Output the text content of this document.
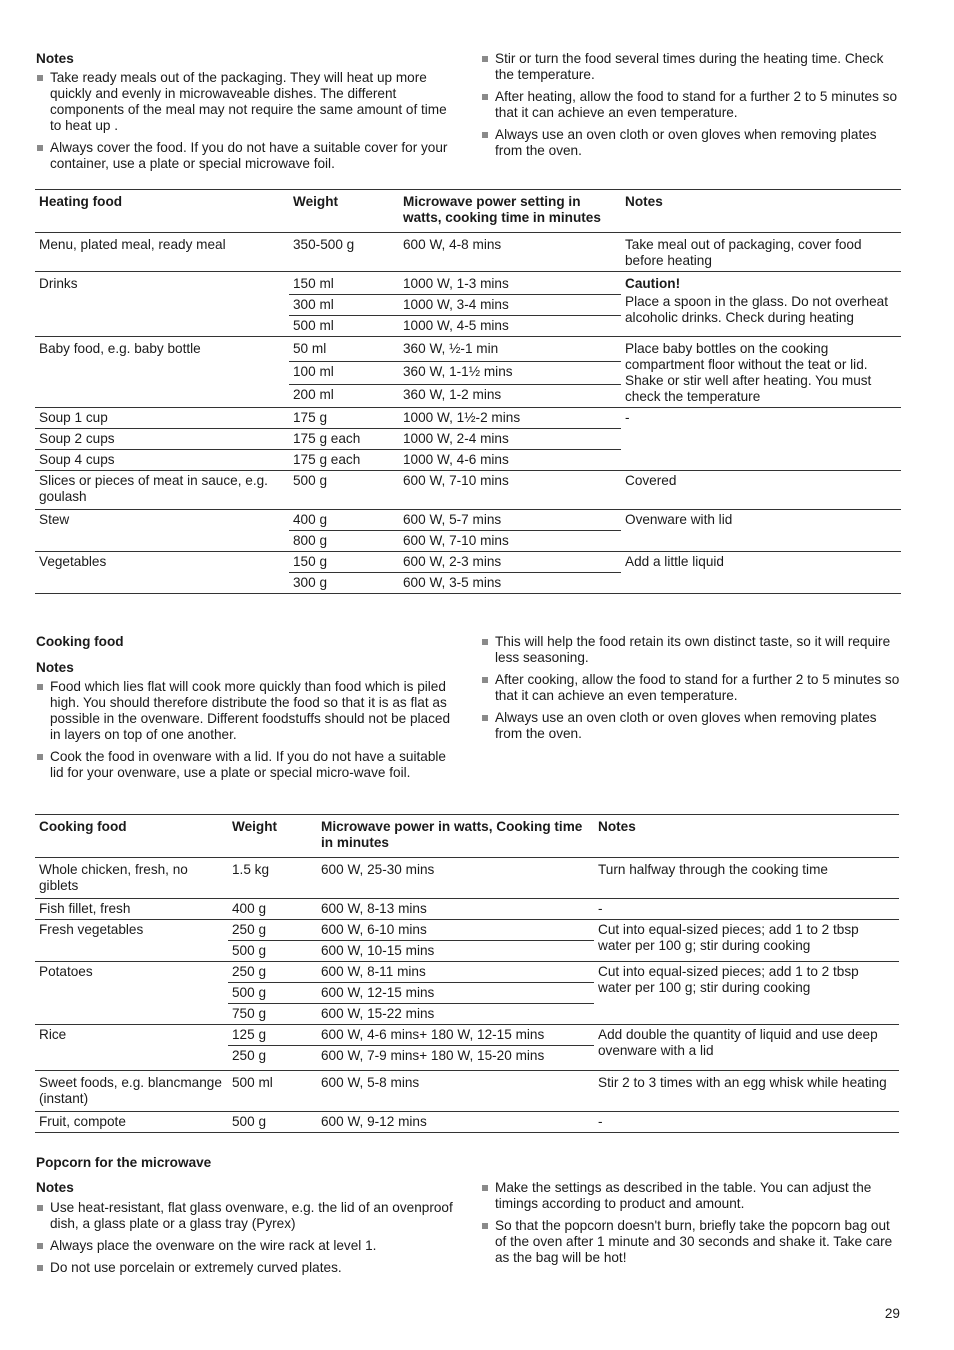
Notes
Take ready meals out of the packaging. They will heat up more quickly and evenly in microwaveable dishes. The different components of the meal may not require the same amount of time to heat up .
Always cover the food. If you do not have a suitable cover for your container, use a plate or special microwave foil.
Stir or turn the food several times during the heating time. Check the temperature.
After heating, allow the food to stand for a further 2 to 5 minutes so that it can achieve an even temperature.
Always use an oven cloth or oven gloves when removing plates from the oven.
Heating food	Weight	Microwave power setting in watts, cooking time in minutes	Notes
Menu, plated meal, ready meal	350-500 g	600 W, 4-8 mins	Take meal out of packaging, cover food before heating
Drinks	150 ml	1000 W, 1-3 mins	Caution!
Place a spoon in the glass. Do not overheat alcoholic drinks. Check during heating

	300 ml	1000 W, 3-4 mins	
	500 ml	1000 W, 4-5 mins	
Baby food, e.g. baby bottle	50 ml	360 W, ½-1 min	Place baby bottles on the cooking compartment floor without the teat or lid. Shake or stir well after heating. You must check the temperature
	100 ml	360 W, 1-1½ mins	
	200 ml	360 W, 1-2 mins	
Soup 1 cup	175 g	1000 W, 1½-2 mins	-
Soup 2 cups	175 g each	1000 W, 2-4 mins	
Soup 4 cups	175 g each	1000 W, 4-6 mins	
Slices or pieces of meat in sauce, e.g. goulash	500 g	600 W, 7-10 mins	Covered
Stew	400 g	600 W, 5-7 mins	Ovenware with lid
	800 g	600 W, 7-10 mins	
Vegetables	150 g	600 W, 2-3 mins	Add a little liquid
	300 g	600 W, 3-5 mins	
Cooking food
Notes
Food which lies flat will cook more quickly than food which is piled high. You should therefore distribute the food so that it is as flat as possible in the ovenware. Different foodstuffs should not be placed in layers on top of one another.
Cook the food in ovenware with a lid. If you do not have a suitable lid for your ovenware, use a plate or special micro-wave foil.
This will help the food retain its own distinct taste, so it will require less seasoning.
After cooking, allow the food to stand for a further 2 to 5 minutes so that it can achieve an even temperature.
Always use an oven cloth or oven gloves when removing plates from the oven.
Cooking food	Weight	Microwave power in watts, Cooking time in minutes	Notes
Whole chicken, fresh, no giblets	1.5 kg	600 W, 25-30 mins	Turn halfway through the cooking time
Fish fillet, fresh	400 g	600 W, 8-13 mins	-
Fresh vegetables	250 g	600 W, 6-10 mins	Cut into equal-sized pieces; add 1 to 2 tbsp water per 100 g; stir during cooking
	500 g	600 W, 10-15 mins	
Potatoes	250 g	600 W, 8-11 mins	Cut into equal-sized pieces; add 1 to 2 tbsp water per 100 g; stir during cooking
	500 g	600 W, 12-15 mins	
	750 g	600 W, 15-22 mins	
Rice	125 g	600 W, 4-6 mins+ 180 W, 12-15 mins	Add double the quantity of liquid and use deep ovenware with a lid
	250 g	600 W, 7-9 mins+ 180 W, 15-20 mins	
Sweet foods, e.g. blancmange (instant)	500 ml	600 W, 5-8 mins	Stir 2 to 3 times with an egg whisk while heating
Fruit, compote	500 g	600 W, 9-12 mins	-
Popcorn for the microwave
Notes
Use heat-resistant, flat glass ovenware, e.g. the lid of an ovenproof dish, a glass plate or a glass tray (Pyrex)
Always place the ovenware on the wire rack at level 1.
Do not use porcelain or extremely curved plates.
Make the settings as described in the table. You can adjust the timings according to product and amount.
So that the popcorn doesn't burn, briefly take the popcorn bag out of the oven after 1 minute and 30 seconds and shake it. Take care as the bag will be hot!
29
